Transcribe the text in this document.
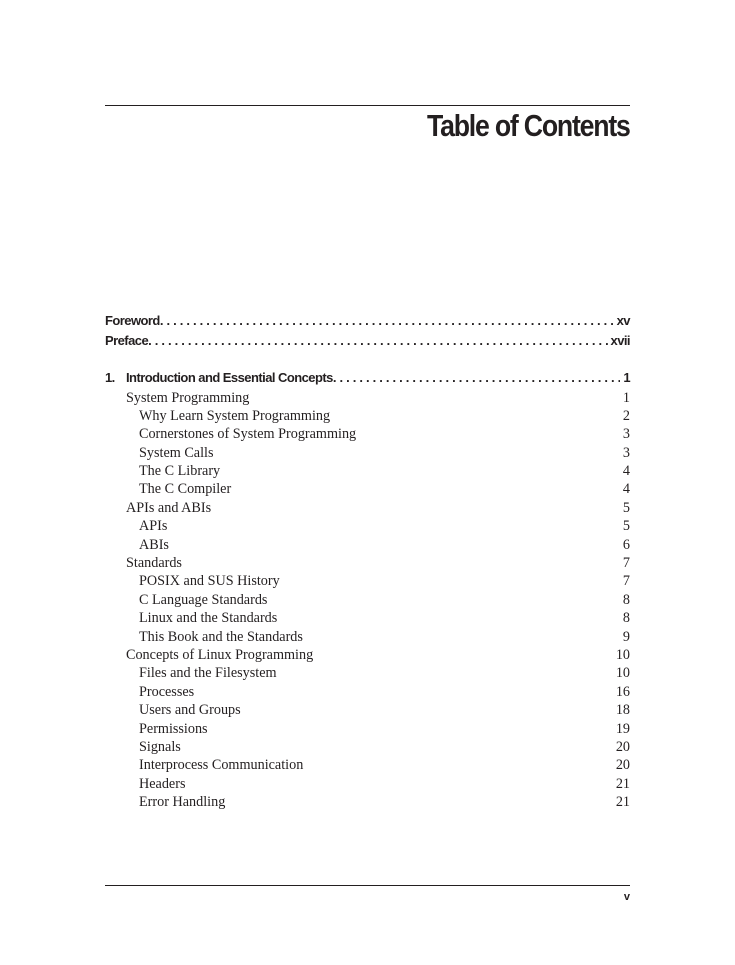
Table of Contents
Foreword . . .	xv
Preface . . .	xvii
1. Introduction and Essential Concepts . . .	1
System Programming	1
Why Learn System Programming	2
Cornerstones of System Programming	3
System Calls	3
The C Library	4
The C Compiler	4
APIs and ABIs	5
APIs	5
ABIs	6
Standards	7
POSIX and SUS History	7
C Language Standards	8
Linux and the Standards	8
This Book and the Standards	9
Concepts of Linux Programming	10
Files and the Filesystem	10
Processes	16
Users and Groups	18
Permissions	19
Signals	20
Interprocess Communication	20
Headers	21
Error Handling	21
v
